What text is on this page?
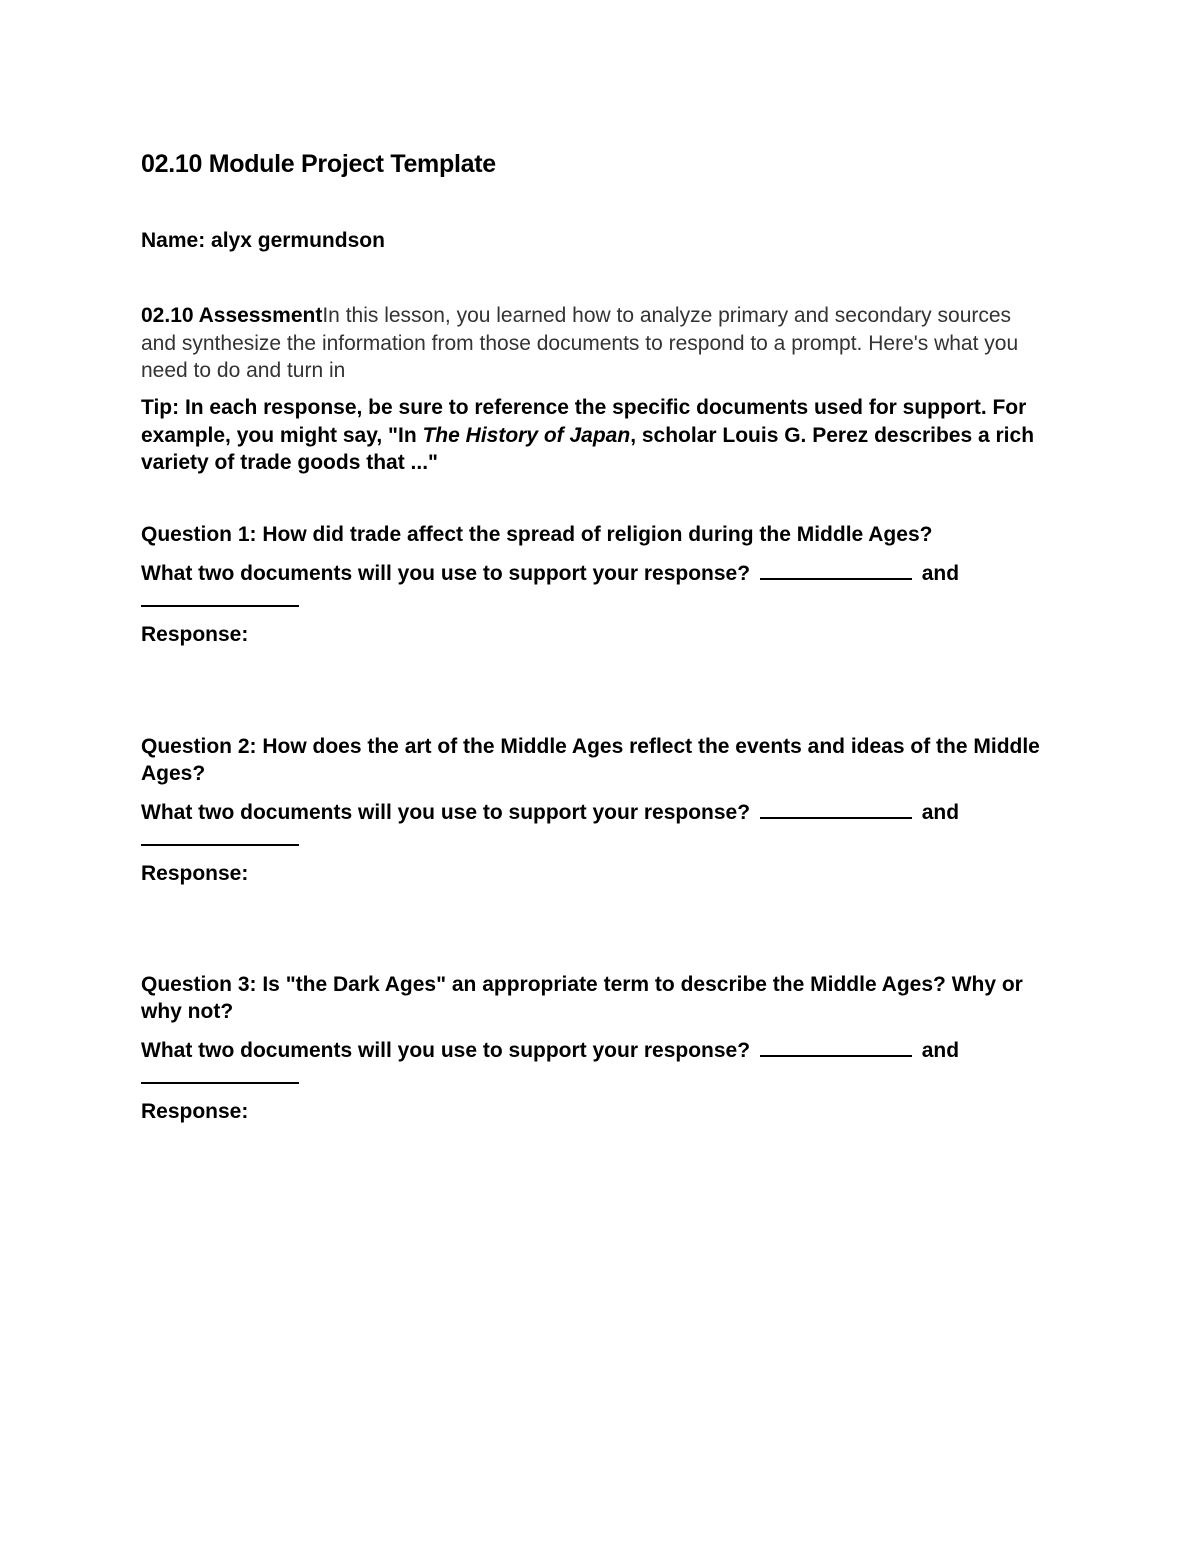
02.10 Module Project Template
Name: alyx germundson
02.10 AssessmentIn this lesson, you learned how to analyze primary and secondary sources and synthesize the information from those documents to respond to a prompt. Here's what you need to do and turn in
Tip: In each response, be sure to reference the specific documents used for support. For example, you might say, "In The History of Japan, scholar Louis G. Perez describes a rich variety of trade goods that ..."

Question 1: How did trade affect the spread of religion during the Middle Ages?

What two documents will you use to support your response?	and

Response:

Question 2: How does the art of the Middle Ages reflect the events and ideas of the Middle Ages?

What two documents will you use to support your response?	and

Response:

Question 3: Is "the Dark Ages" an appropriate term to describe the Middle Ages? Why or why not?

What two documents will you use to support your response?	and

Response:
